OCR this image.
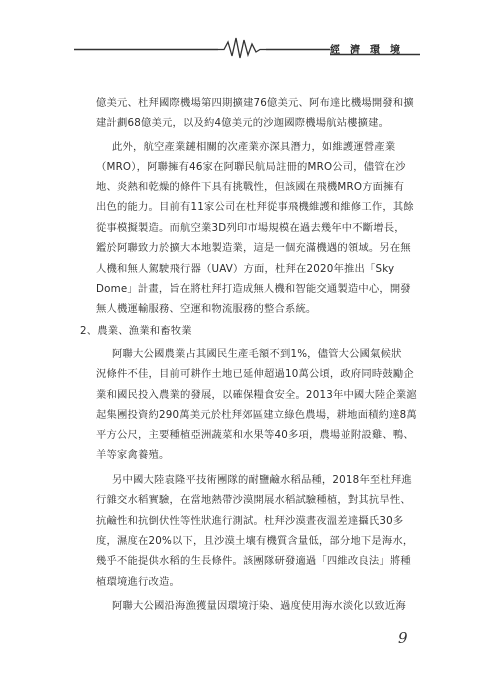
經濟環境
億美元、杜拜國際機場第四期擴建76億美元、阿布達比機場開發和擴
建計劃68億美元，以及約4億美元的沙迦國際機場航站樓擴建。
此外，航空產業鏈相關的次產業亦深具潛力，如維護運營產業
（MRO），阿聯擁有46家在阿聯民航局註冊的MRO公司，儘管在沙
地、炎熱和乾燥的條件下具有挑戰性，但該國在飛機MRO方面擁有
出色的能力。目前有11家公司在杜拜從事飛機維護和維修工作，其餘
從事模擬製造。而航空業3D列印市場規模在過去幾年中不斷增長，
鑑於阿聯致力於擴大本地製造業，這是一個充滿機遇的領域。另在無
人機和無人駕駛飛行器（UAV）方面，杜拜在2020年推出「Sky
Dome」計畫，旨在將杜拜打造成無人機和智能交通製造中心，開發
無人機運輸服務、空運和物流服務的整合系統。
2、農業、漁業和畜牧業
阿聯大公國農業占其國民生產毛額不到1%，儘管大公國氣候狀
況條件不佳，目前可耕作土地已延伸超過10萬公頃，政府同時鼓勵企
業和國民投入農業的發展，以確保糧食安全。2013年中國大陸企業滬
起集團投資約290萬美元於杜拜郊區建立綠色農場，耕地面積約達8萬
平方公尺，主要種植亞洲蔬菜和水果等40多項，農場並附設雞、鴨、
羊等家禽養殖。
另中國大陸袁隆平技術團隊的耐鹽鹼水稻品種，2018年至杜拜進
行雜交水稻實驗，在當地熱帶沙漠開展水稻試驗種植，對其抗旱性、
抗鹼性和抗倒伏性等性狀進行測試。杜拜沙漠晝夜溫差達攝氏30多
度，濕度在20%以下，且沙漠土壤有機質含量低，部分地下是海水，
幾乎不能提供水稻的生長條件。該團隊研發適過「四維改良法」將種
植環境進行改造。
阿聯大公國沿海漁獲量因環境汙染、過度使用海水淡化以致近海
9
